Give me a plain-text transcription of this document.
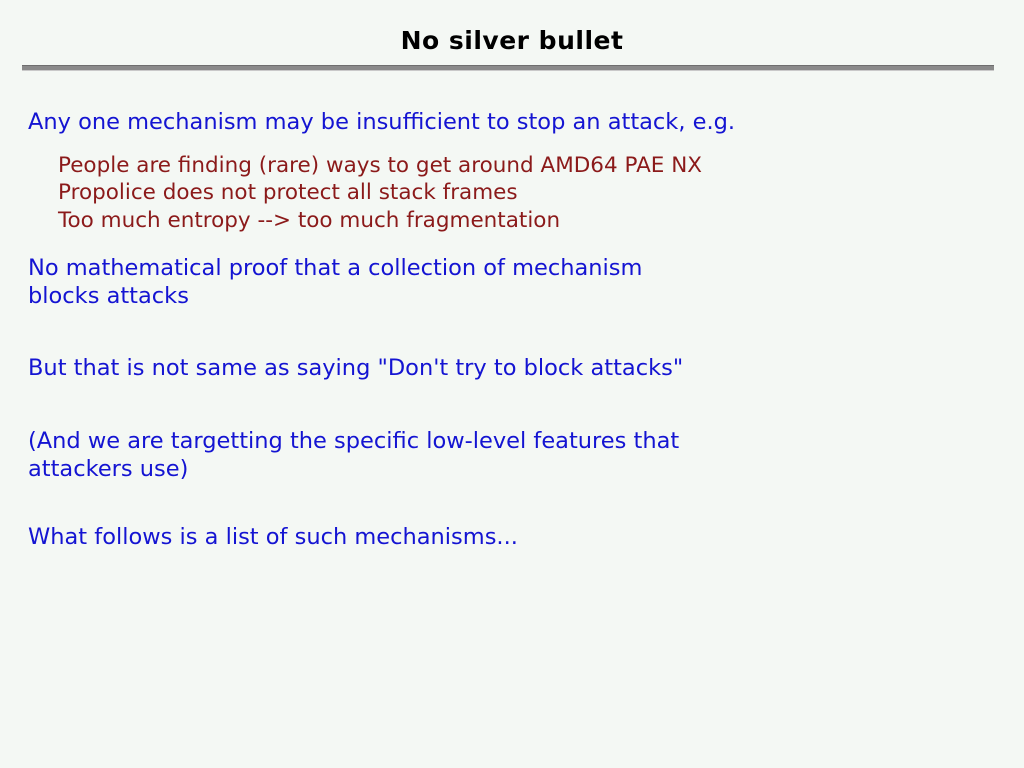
No silver bullet
Any one mechanism may be insufficient to stop an attack, e.g.
People are finding (rare) ways to get around AMD64 PAE NX
Propolice does not protect all stack frames
Too much entropy --> too much fragmentation
No mathematical proof that a collection of mechanism
blocks attacks
But that is not same as saying "Don't try to block attacks"
(And we are targetting the specific low-level features that
attackers use)
What follows is a list of such mechanisms...
